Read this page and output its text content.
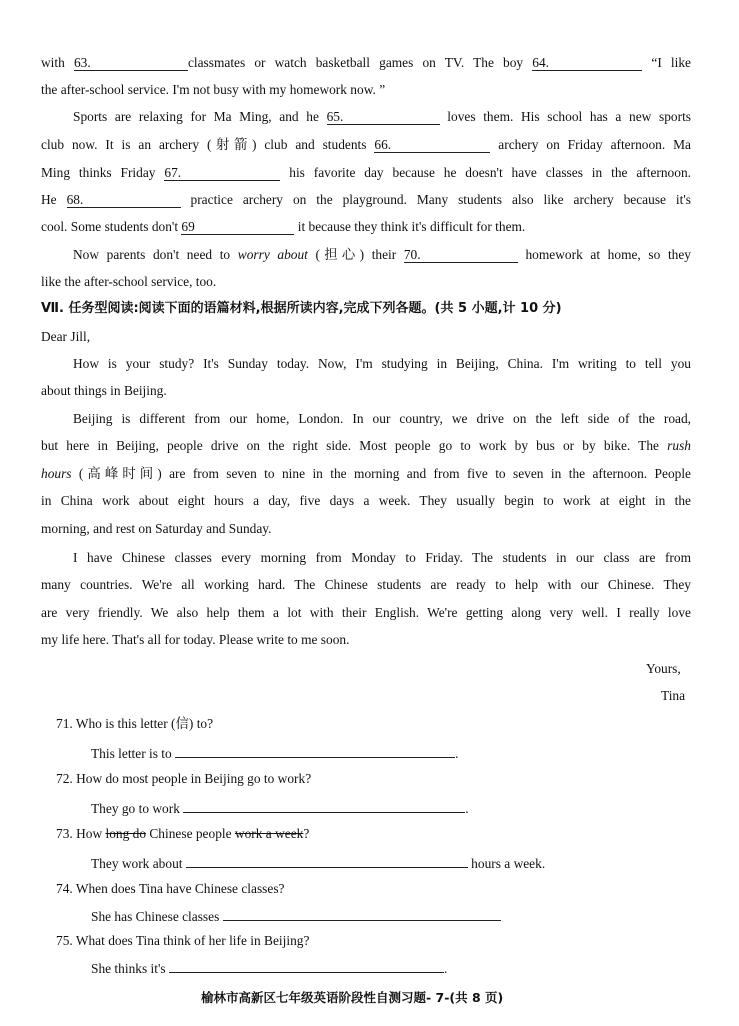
with 63.	classmates or watch basketball games on TV. The boy 64.	“I like
the after-school service. I'm not busy with my homework now. ”
Sports are relaxing for Ma Ming, and he 65.	loves them. His school has a new sports
club now. It is an archery (射箭) club and students 66.	archery on Friday afternoon. Ma
Ming thinks Friday 67.	his favorite day because he doesn't have classes in the afternoon.
He 68.	practice archery on the playground. Many students also like archery because it's
cool. Some students don't 69	it because they think it's difficult for them.
Now parents don't need to worry about (担心) their 70.	homework at home, so they
like the after-school service, too.
Ⅶ. 任务型阅读:阅读下面的语篇材料,根据所读内容,完成下列各题。(共 5 小题,计 10 分)
Dear Jill,
How is your study? It's Sunday today. Now, I'm studying in Beijing, China. I'm writing to tell you
about things in Beijing.
Beijing is different from our home, London. In our country, we drive on the left side of the road,
but here in Beijing, people drive on the right side. Most people go to work by bus or by bike. The rush
hours (高峰时间) are from seven to nine in the morning and from five to seven in the afternoon. People
in China work about eight hours a day, five days a week. They usually begin to work at eight in the
morning, and rest on Saturday and Sunday.
I have Chinese classes every morning from Monday to Friday. The students in our class are from
many countries. We're all working hard. The Chinese students are ready to help with our Chinese. They
are very friendly. We also help them a lot with their English. We're getting along very well. I really love
my life here. That's all for today. Please write to me soon.
Yours,
Tina
71. Who is this letter (信) to?
This letter is to	.
72. How do most people in Beijing go to work?
They go to work	.
73. How long do Chinese people work a week?
They work about	hours a week.
74. When does Tina have Chinese classes?
She has Chinese classes
75. What does Tina think of her life in Beijing?
She thinks it's	.
榆林市高新区七年级英语阶段性自测习题- 7-(共 8 页)
